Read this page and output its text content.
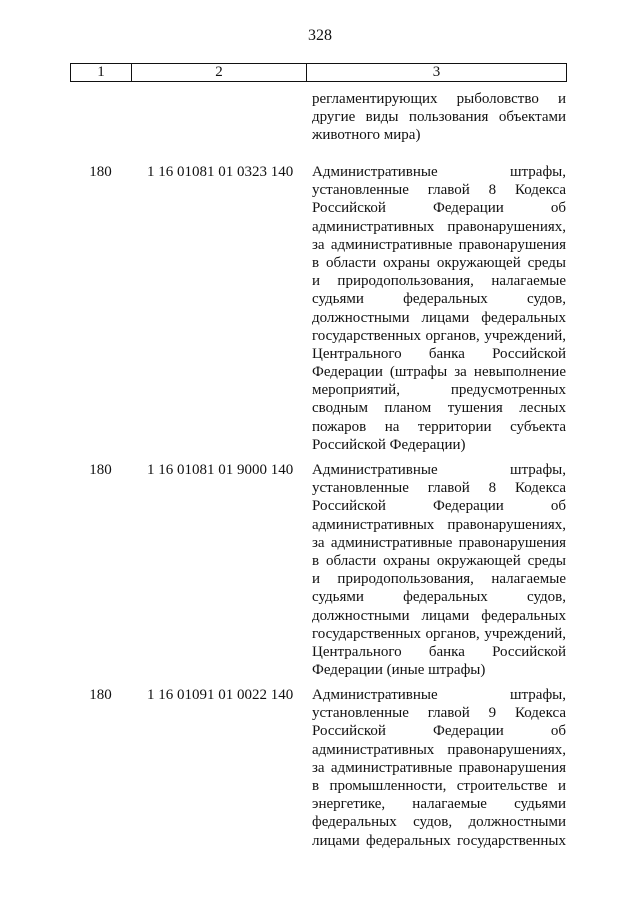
328
1	2	3
регламентирующих рыболовство и
другие виды пользования объектами
животного мира)
180	1 16 01081 01 0323 140	Административные штрафы,
установленные главой 8 Кодекса
Российской Федерации об
административных правонарушениях,
за административные правонарушения
в области охраны окружающей среды
и природопользования, налагаемые
судьями федеральных судов,
должностными лицами федеральных
государственных органов, учреждений,
Центрального банка Российской
Федерации (штрафы за невыполнение
мероприятий, предусмотренных
сводным планом тушения лесных
пожаров на территории субъекта
Российской Федерации)
180	1 16 01081 01 9000 140	Административные штрафы,
установленные главой 8 Кодекса
Российской Федерации об
административных правонарушениях,
за административные правонарушения
в области охраны окружающей среды
и природопользования, налагаемые
судьями федеральных судов,
должностными лицами федеральных
государственных органов, учреждений,
Центрального банка Российской
Федерации (иные штрафы)
180	1 16 01091 01 0022 140	Административные штрафы,
установленные главой 9 Кодекса
Российской Федерации об
административных правонарушениях,
за административные правонарушения
в промышленности, строительстве и
энергетике, налагаемые судьями
федеральных судов, должностными
лицами федеральных государственных
